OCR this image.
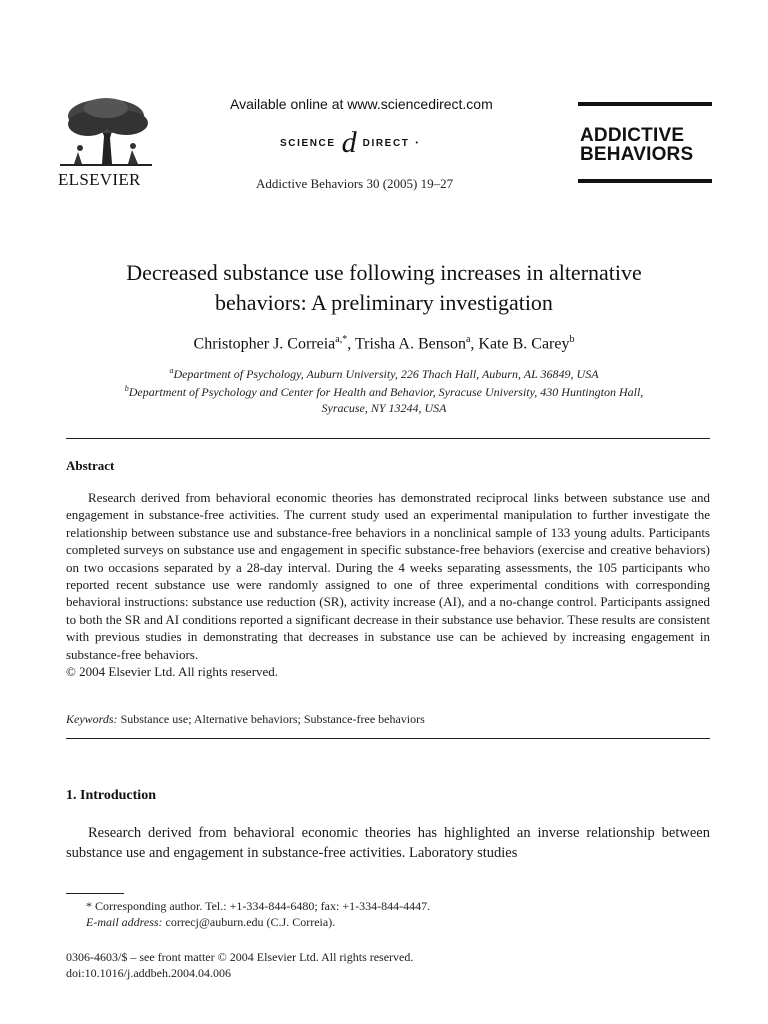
ELSEVIER
Available online at www.sciencedirect.com
SCIENCE d DIRECT •
Addictive Behaviors 30 (2005) 19–27
ADDICTIVE
BEHAVIORS
Decreased substance use following increases in alternative
behaviors: A preliminary investigation
Christopher J. Correia$^{a,*}$, Trisha A. Benson$^a$, Kate B. Carey$^b$
$^a$Department of Psychology, Auburn University, 226 Thach Hall, Auburn, AL 36849, USA
$^b$Department of Psychology and Center for Health and Behavior, Syracuse University, 430 Huntington Hall,
Syracuse, NY 13244, USA
Abstract

Research derived from behavioral economic theories has demonstrated reciprocal links between substance use and engagement in substance-free activities. The current study used an experimental manipulation to further investigate the relationship between substance use and substance-free behaviors in a nonclinical sample of 133 young adults. Participants completed surveys on substance use and engagement in specific substance-free behaviors (exercise and creative behaviors) on two occasions separated by a 28-day interval. During the 4 weeks separating assessments, the 105 participants who reported recent substance use were randomly assigned to one of three experimental conditions with corresponding behavioral instructions: substance use reduction (SR), activity increase (AI), and a no-change control. Participants assigned to both the SR and AI conditions reported a significant decrease in their substance use behavior. These results are consistent with previous studies in demonstrating that decreases in substance use can be achieved by increasing engagement in substance-free behaviors.

© 2004 Elsevier Ltd. All rights reserved.

Keywords: Substance use; Alternative behaviors; Substance-free behaviors
1. Introduction

Research derived from behavioral economic theories has highlighted an inverse relationship between substance use and engagement in substance-free activities. Laboratory studies

* Corresponding author. Tel.: +1-334-844-6480; fax: +1-334-844-4447.
E-mail address: correcj@auburn.edu (C.J. Correia).
0306-4603/$ – see front matter © 2004 Elsevier Ltd. All rights reserved.
doi:10.1016/j.addbeh.2004.04.006
